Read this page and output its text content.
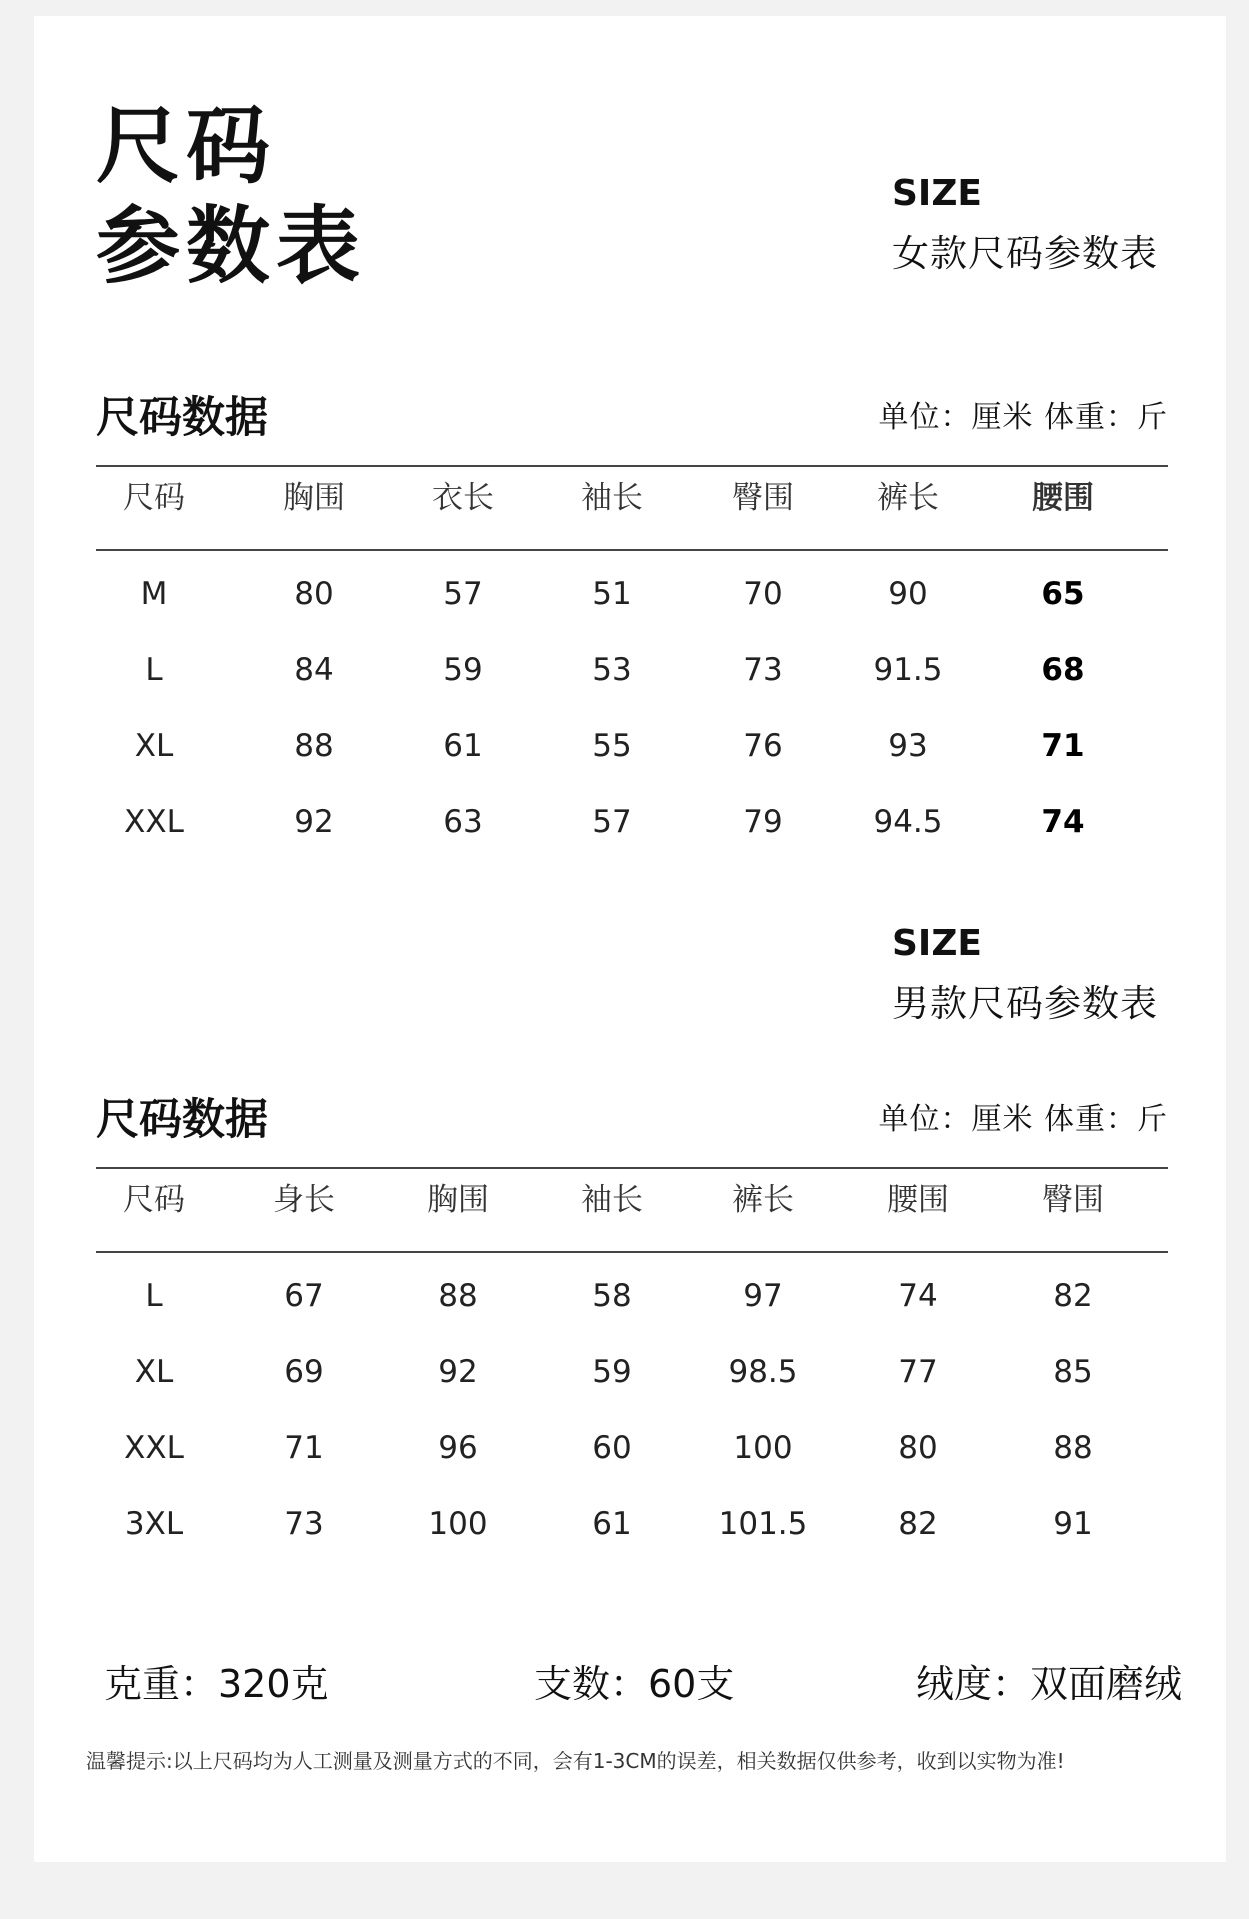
尺码
参数表
SIZE
女款尺码参数表
尺码数据	单位：厘米 体重：斤
尺码	胸围	衣长	袖长	臀围	裤长	腰围
M	80	57	51	70	90	65
L	84	59	53	73	91.5	68
XL	88	61	55	76	93	71
XXL	92	63	57	79	94.5	74
SIZE
男款尺码参数表
尺码数据	单位：厘米 体重：斤
尺码	身长	胸围	袖长	裤长	腰围	臀围
L	67	88	58	97	74	82
XL	69	92	59	98.5	77	85
XXL	71	96	60	100	80	88
3XL	73	100	61	101.5	82	91
克重：320克	支数：60支	绒度：双面磨绒
温馨提示:以上尺码均为人工测量及测量方式的不同，会有1-3CM的误差，相关数据仅供参考，收到以实物为准!
